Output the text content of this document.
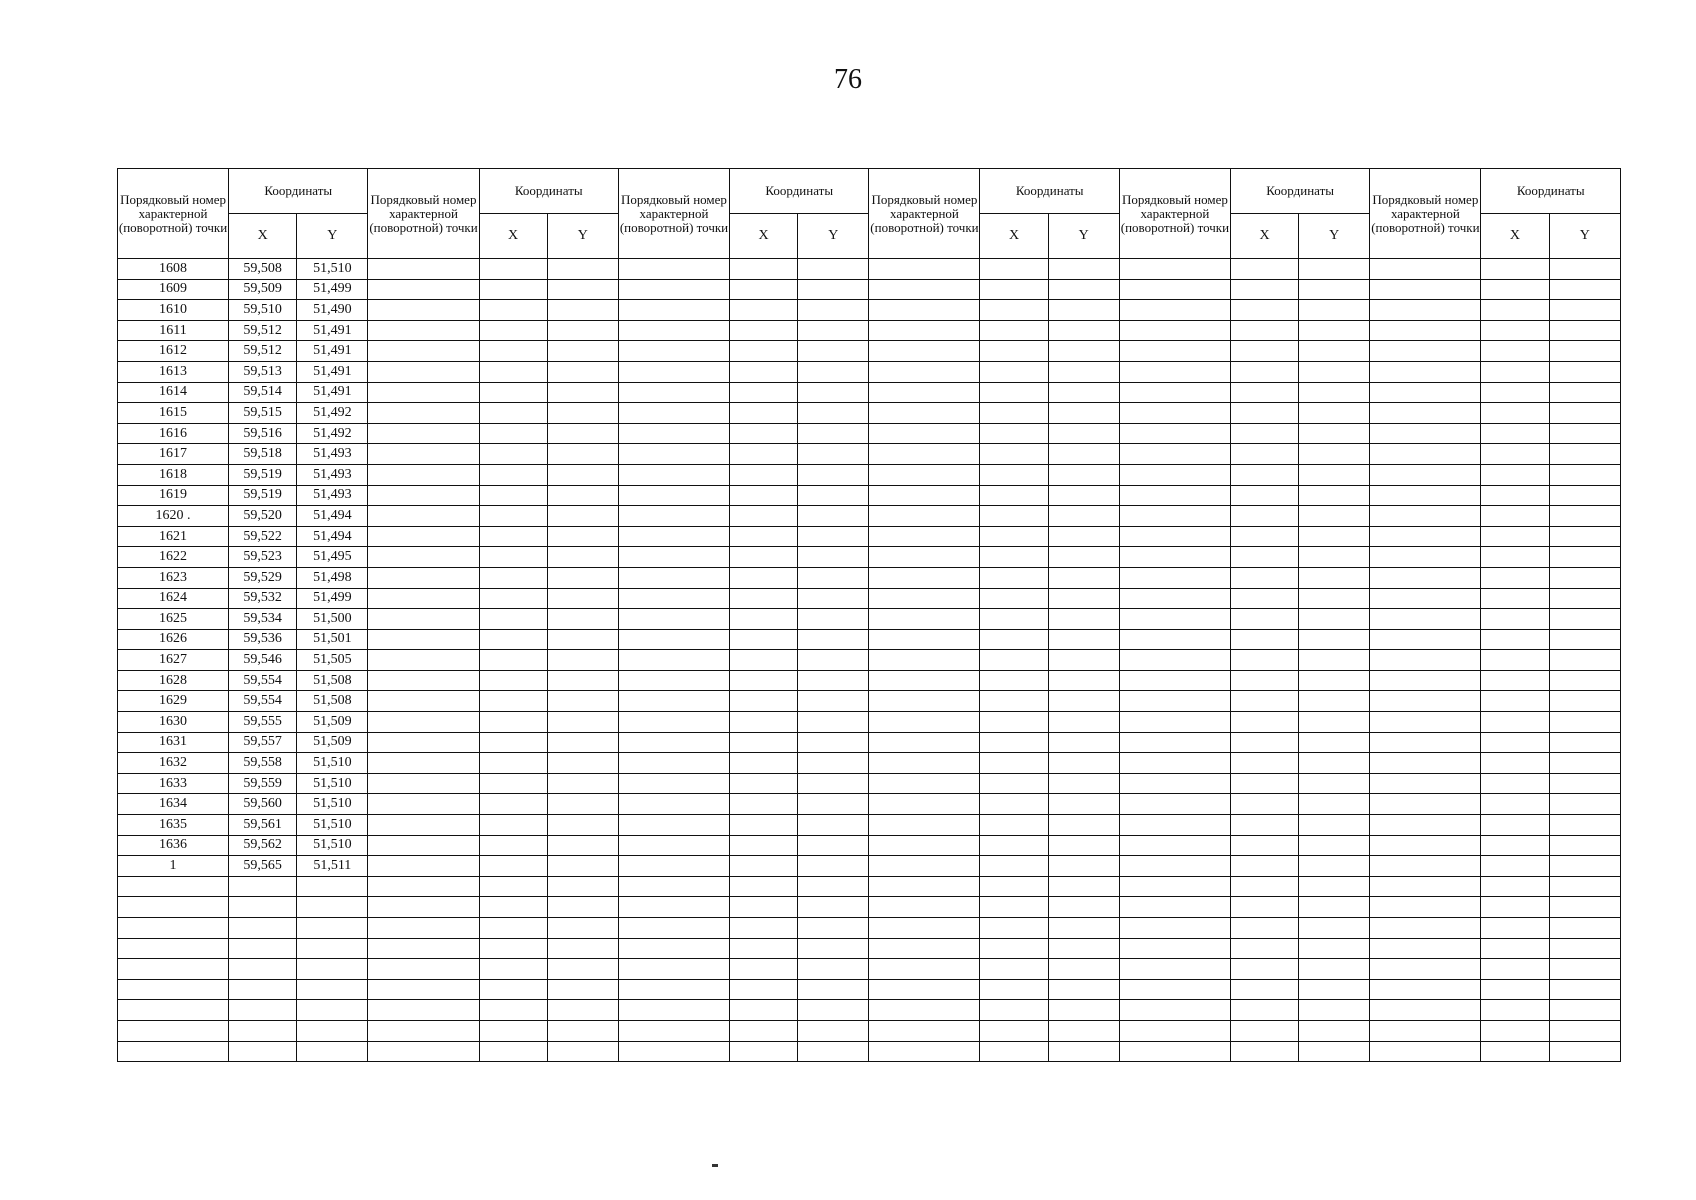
76
Порядковый номер характерной (поворотной) точки	Координаты		Порядковый номер характерной (поворотной) точки	Координаты		Порядковый номер характерной (поворотной) точки	Координаты		Порядковый номер характерной (поворотной) точки	Координаты		Порядковый номер характерной (поворотной) точки	Координаты		Порядковый номер характерной (поворотной) точки	Координаты	
	X	Y		X	Y		X	Y		X	Y		X	Y		X	Y
1608	59,508	51,510															
1609	59,509	51,499															
1610	59,510	51,490															
1611	59,512	51,491															
1612	59,512	51,491															
1613	59,513	51,491															
1614	59,514	51,491															
1615	59,515	51,492															
1616	59,516	51,492															
1617	59,518	51,493															
1618	59,519	51,493															
1619	59,519	51,493															
1620 .	59,520	51,494															
1621	59,522	51,494															
1622	59,523	51,495															
1623	59,529	51,498															
1624	59,532	51,499															
1625	59,534	51,500															
1626	59,536	51,501															
1627	59,546	51,505															
1628	59,554	51,508															
1629	59,554	51,508															
1630	59,555	51,509															
1631	59,557	51,509															
1632	59,558	51,510															
1633	59,559	51,510															
1634	59,560	51,510															
1635	59,561	51,510															
1636	59,562	51,510															
1	59,565	51,511															
